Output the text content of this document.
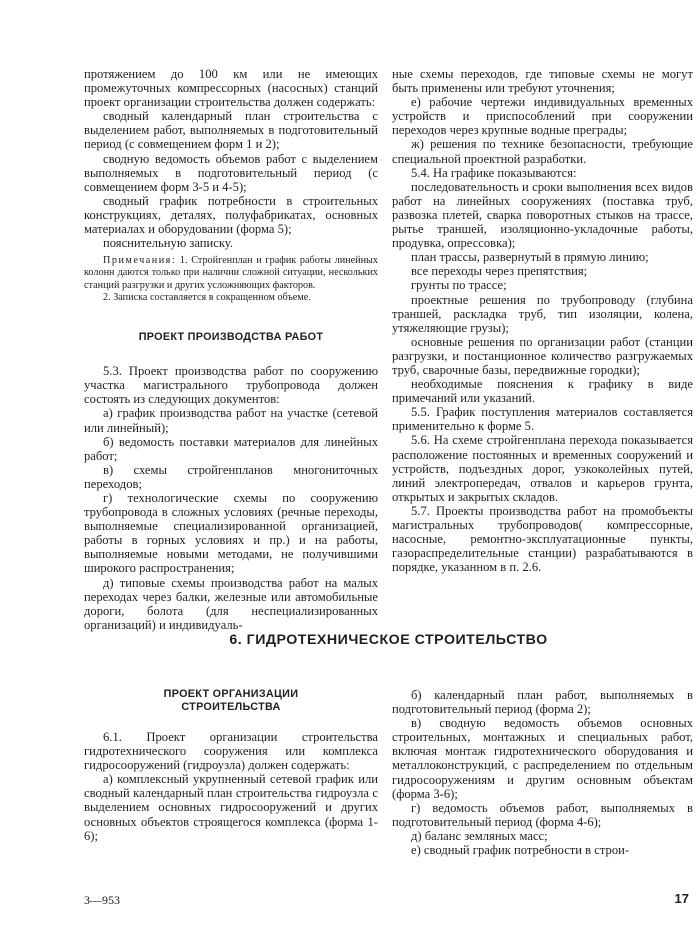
протяжением до 100 км или не имеющих промежуточных компрессорных (насосных) станций проект организации строительства должен содержать:

сводный календарный план строительства с выделением работ, выполняемых в подготовительный период (с совмещением форм 1 и 2);

сводную ведомость объемов работ с выделением выполняемых в подготовительный период (с совмещением форм 3-5 и 4-5);

сводный график потребности в строительных конструкциях, деталях, полуфабрикатах, основных материалах и оборудовании (форма 5);

пояснительную записку.

Примечания: 1. Стройгенплан и график работы линейных колонн даются только при наличии сложной ситуации, нескольких станций разгрузки и других усложняющих факторов.

2. Записка составляется в сокращенном объеме.

ПРОЕКТ ПРОИЗВОДСТВА РАБОТ

5.3. Проект производства работ по сооружению участка магистрального трубопровода должен состоять из следующих документов:

а) график производства работ на участке (сетевой или линейный);

б) ведомость поставки материалов для линейных работ;

в) схемы стройгенпланов многониточных переходов;

г) технологические схемы по сооружению трубопровода в сложных условиях (речные переходы, выполняемые специализированной организацией, работы в горных условиях и пр.) и на работы, выполняемые новыми методами, не получившими широкого распространения;

д) типовые схемы производства работ на малых переходах через балки, железные или автомобильные дороги, болота (для неспециализированных организаций) и индивидуаль-

ные схемы переходов, где типовые схемы не могут быть применены или требуют уточнения;

е) рабочие чертежи индивидуальных временных устройств и приспособлений при сооружении переходов через крупные водные преграды;

ж) решения по технике безопасности, требующие специальной проектной разработки.

5.4. На графике показываются:

последовательность и сроки выполнения всех видов работ на линейных сооружениях (поставка труб, развозка плетей, сварка поворотных стыков на трассе, рытье траншей, изоляционно-укладочные работы, продувка, опрессовка);

план трассы, развернутый в прямую линию;

все переходы через препятствия;

грунты по трассе;

проектные решения по трубопроводу (глубина траншей, раскладка труб, тип изоляции, колена, утяжеляющие грузы);

основные решения по организации работ (станции разгрузки, и постанционное количество разгружаемых труб, сварочные базы, передвижные городки);

необходимые пояснения к графику в виде примечаний или указаний.

5.5. График поступления материалов составляется применительно к форме 5.

5.6. На схеме стройгенплана перехода показывается расположение постоянных и временных сооружений и устройств, подъездных дорог, узкоколейных путей, линий электропередач, отвалов и карьеров грунта, открытых и закрытых складов.

5.7. Проекты производства работ на промобъекты магистральных трубопроводов( компрессорные, насосные, ремонтно-эксплуатационные пункты, газораспределительные станции) разрабатываются в порядке, указанном в п. 2.6.

6. ГИДРОТЕХНИЧЕСКОЕ СТРОИТЕЛЬСТВО
ПРОЕКТ ОРГАНИЗАЦИИ
СТРОИТЕЛЬСТВА

6.1. Проект организации строительства гидротехнического сооружения или комплекса гидросооружений (гидроузла) должен содержать:

а) комплексный укрупненный сетевой график или сводный календарный план строительства гидроузла с выделением основных гидросооружений и других основных объектов строящегося комплекса (форма 1-6);

б) календарный план работ, выполняемых в подготовительный период (форма 2);

в) сводную ведомость объемов основных строительных, монтажных и специальных работ, включая монтаж гидротехнического оборудования и металлоконструкций, с распределением по отдельным гидросооружениям и другим основным объектам (форма 3-6);

г) ведомость объемов работ, выполняемых в подготовительный период (форма 4-6);

д) баланс земляных масс;

е) сводный график потребности в строи-

3—953	17
